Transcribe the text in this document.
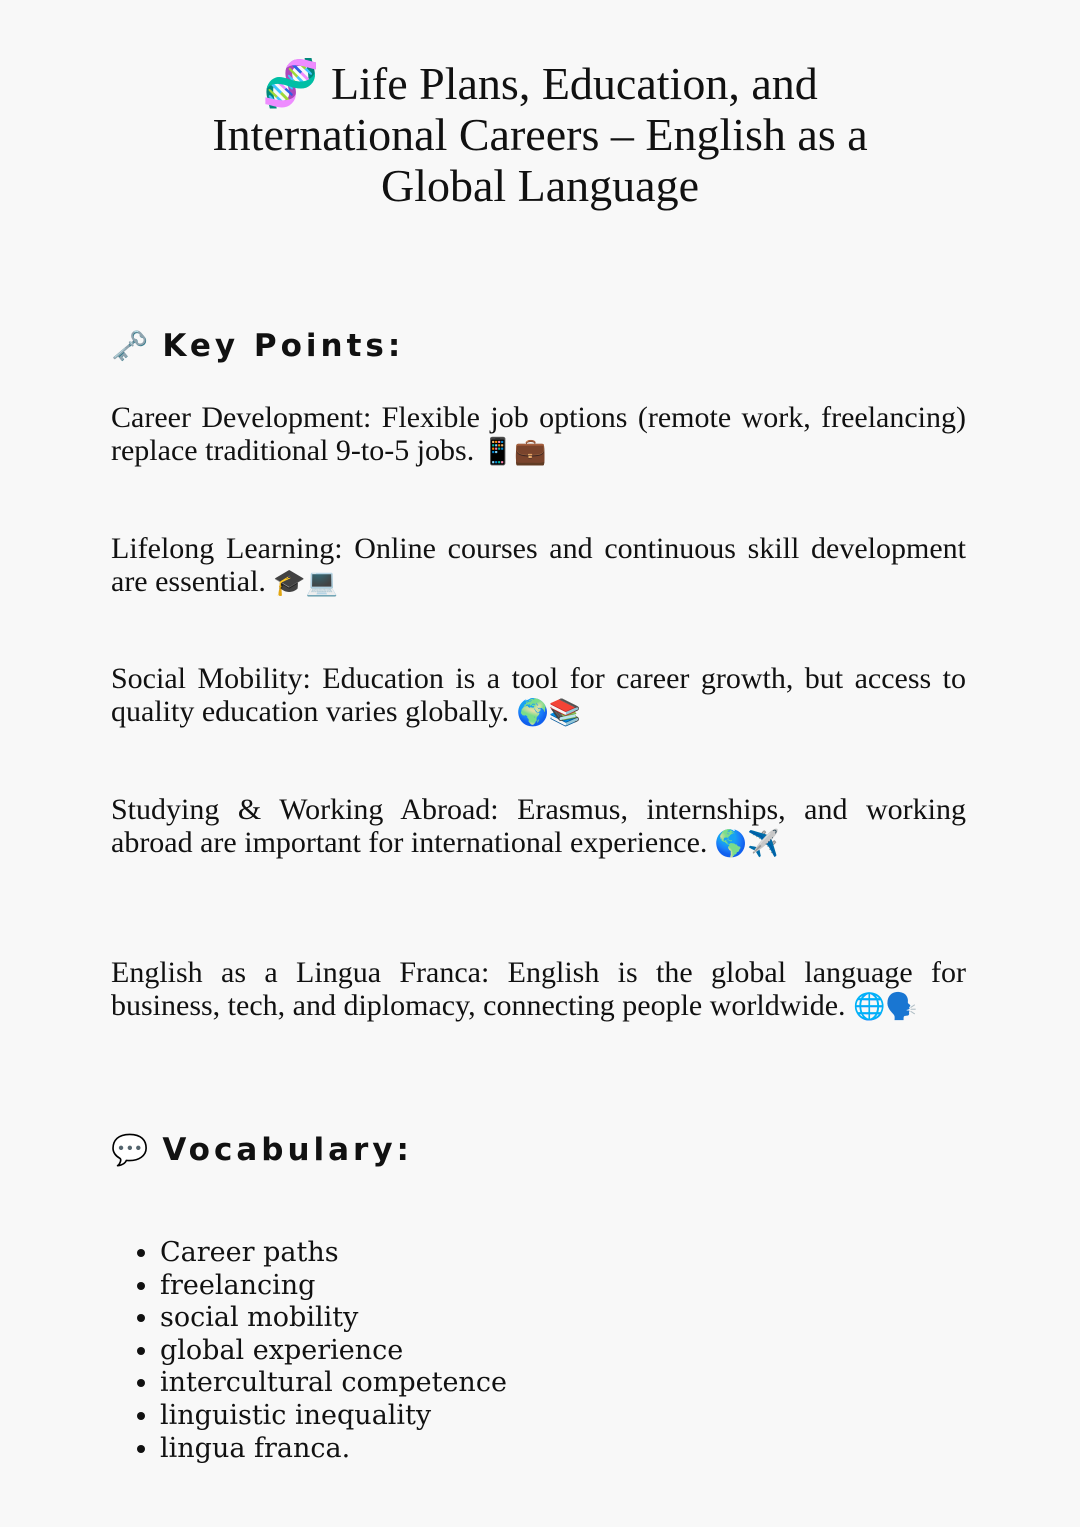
🧬 Life Plans, Education, and International Careers – English as a Global Language
🗝️ Key Points:

Career Development: Flexible job options (remote work, freelancing) replace traditional 9-to-5 jobs. 📱💼

Lifelong Learning: Online courses and continuous skill development are essential. 🎓💻

Social Mobility: Education is a tool for career growth, but access to quality education varies globally. 🌍📚

Studying & Working Abroad: Erasmus, internships, and working abroad are important for international experience. 🌎✈️

English as a Lingua Franca: English is the global language for business, tech, and diplomacy, connecting people worldwide. 🌐🗣️

💬 Vocabulary:
• Career paths
• freelancing
• social mobility
• global experience
• intercultural competence
• linguistic inequality
• lingua franca.
